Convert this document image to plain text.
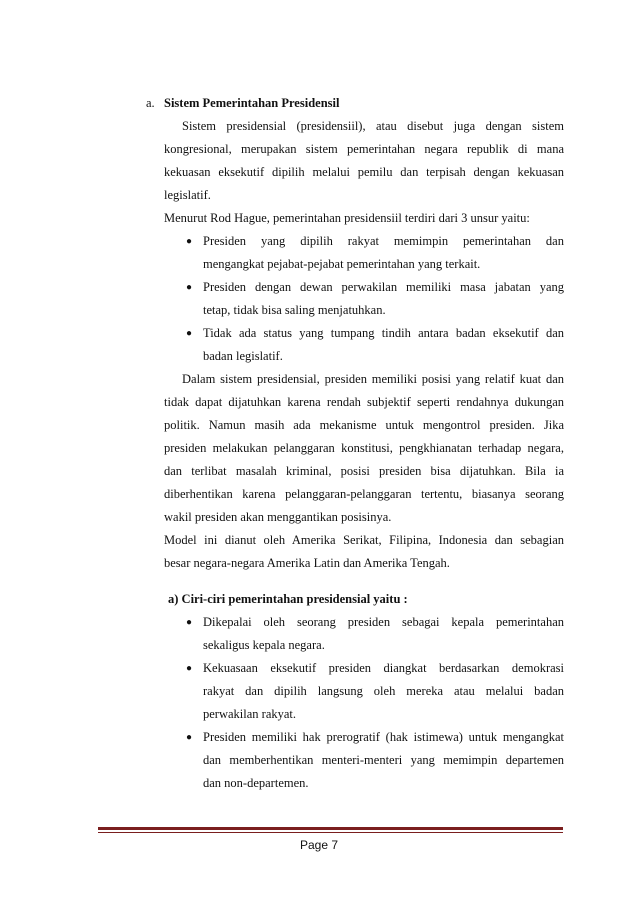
a. Sistem Pemerintahan Presidensil
Sistem presidensial (presidensiil), atau disebut juga dengan sistem
kongresional, merupakan sistem pemerintahan negara republik di mana
kekuasan eksekutif dipilih melalui pemilu dan terpisah dengan kekuasan
legislatif.
Menurut Rod Hague, pemerintahan presidensiil terdiri dari 3 unsur yaitu:
● Presiden yang dipilih rakyat memimpin pemerintahan dan
mengangkat pejabat-pejabat pemerintahan yang terkait.
● Presiden dengan dewan perwakilan memiliki masa jabatan yang
tetap, tidak bisa saling menjatuhkan.
● Tidak ada status yang tumpang tindih antara badan eksekutif dan
badan legislatif.
Dalam sistem presidensial, presiden memiliki posisi yang relatif kuat dan
tidak dapat dijatuhkan karena rendah subjektif seperti rendahnya dukungan
politik. Namun masih ada mekanisme untuk mengontrol presiden. Jika
presiden melakukan pelanggaran konstitusi, pengkhianatan terhadap negara,
dan terlibat masalah kriminal, posisi presiden bisa dijatuhkan. Bila ia
diberhentikan karena pelanggaran-pelanggaran tertentu, biasanya seorang
wakil presiden akan menggantikan posisinya.
Model ini dianut oleh Amerika Serikat, Filipina, Indonesia dan sebagian
besar negara-negara Amerika Latin dan Amerika Tengah.
a) Ciri-ciri pemerintahan presidensial yaitu :
● Dikepalai oleh seorang presiden sebagai kepala pemerintahan
sekaligus kepala negara.
● Kekuasaan eksekutif presiden diangkat berdasarkan demokrasi
rakyat dan dipilih langsung oleh mereka atau melalui badan
perwakilan rakyat.
● Presiden memiliki hak prerogratif (hak istimewa) untuk mengangkat
dan memberhentikan menteri-menteri yang memimpin departemen
dan non-departemen.
Page 7
